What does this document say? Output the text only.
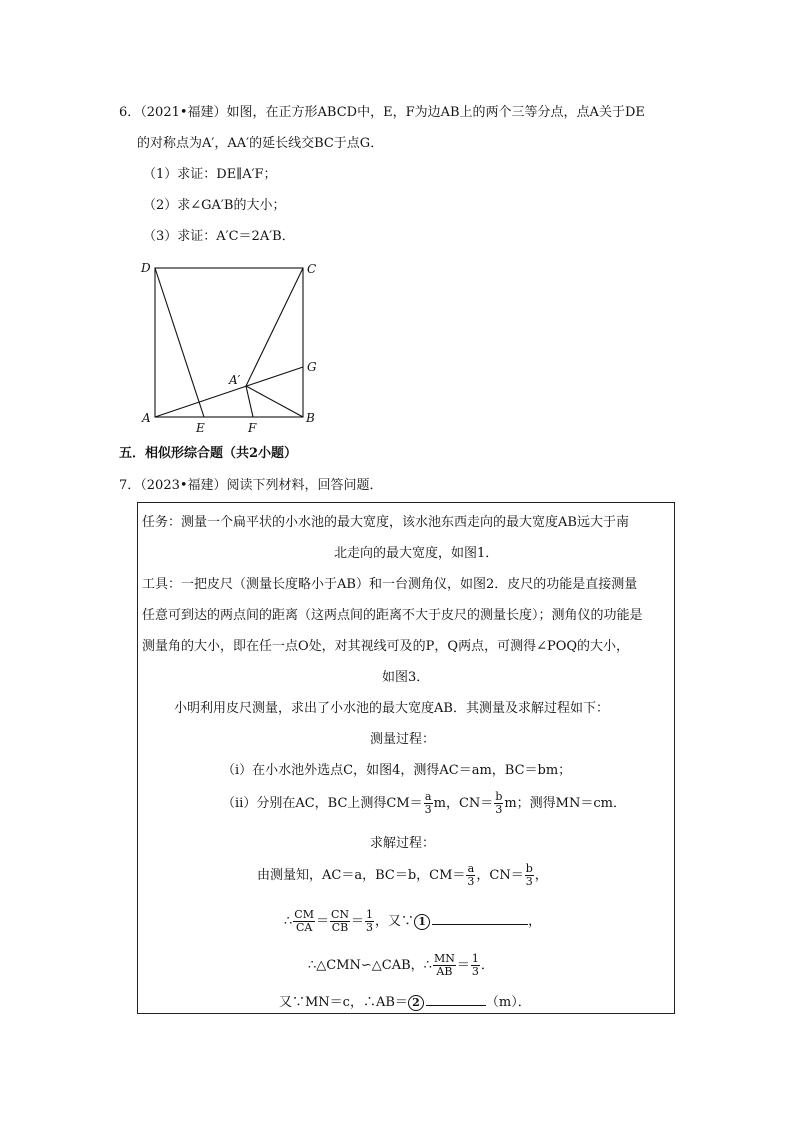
6．（2021•福建）如图，在正方形ABCD中，E，F为边AB上的两个三等分点，点A关于DE
的对称点为A′，AA′的延长线交BC于点G．
（1）求证：DE∥A′F；
（2）求∠GA′B的大小；
（3）求证：A′C＝2A′B．
D	C
G
A′
A	B
E	F
五．相似形综合题（共2小题）
7．（2023•福建）阅读下列材料，回答问题．
任务：测量一个扁平状的小水池的最大宽度，该水池东西走向的最大宽度AB远大于南
北走向的最大宽度，如图1．
工具：一把皮尺（测量长度略小于AB）和一台测角仪，如图2．皮尺的功能是直接测量
任意可到达的两点间的距离（这两点间的距离不大于皮尺的测量长度）；测角仪的功能是
测量角的大小，即在任一点O处，对其视线可及的P，Q两点，可测得∠POQ的大小，
如图3．
小明利用皮尺测量，求出了小水池的最大宽度AB．其测量及求解过程如下：
测量过程：
（ⅰ）在小水池外选点C，如图4，测得AC＝am，BC＝bm；
（ⅱ）分别在AC，BC上测得$CM= \frac{a}{3}$ m，$CN= \frac{b}{3}$ m；测得MN＝cm．
求解过程：
由测量知，AC＝a，BC＝b，$CM= \frac{a}{3}$ ，$CN= \frac{b}{3}$ ，
∴ $\frac{CM}{CA} = \frac{CN}{CB} = \frac{1}{3}$ ，又∵ 1	，
∴△CMN∽△CAB，∴ $\frac{MN}{AB} = \frac{1}{3}$ ．
又∵MN＝c，∴AB＝ 2	（m）．
